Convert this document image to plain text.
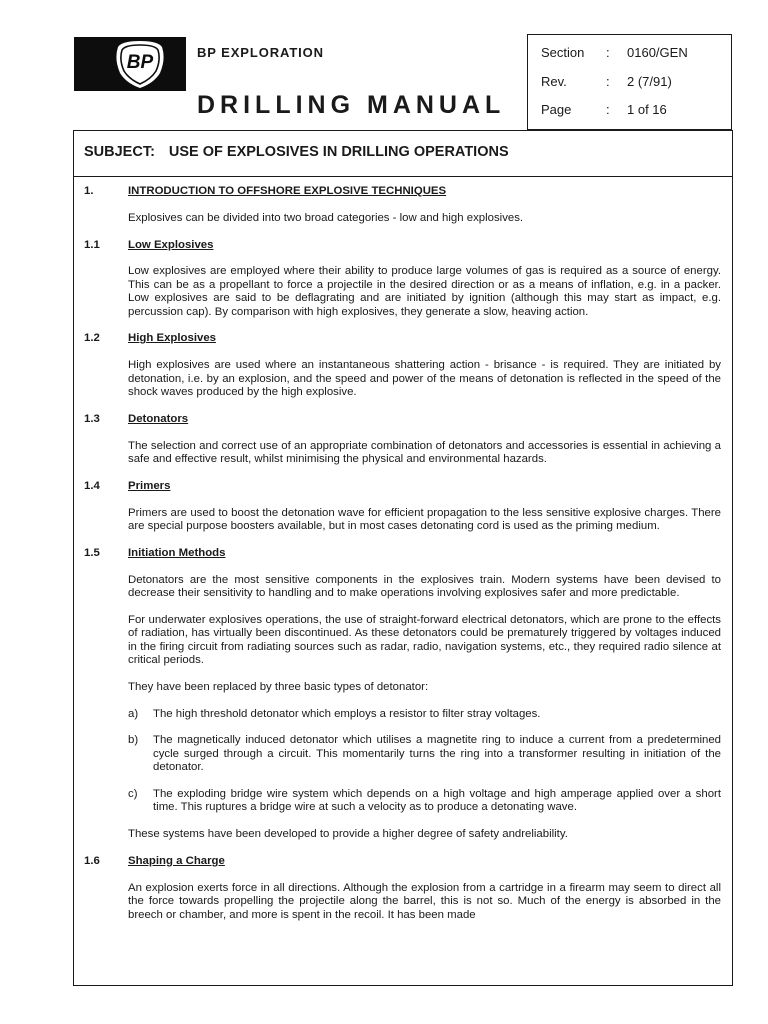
BP	BP EXPLORATION
DRILLING MANUAL
Section : 0160/GEN
Rev.	: 2 (7/91)
Page	: 1 of 16
SUBJECT: USE OF EXPLOSIVES IN DRILLING OPERATIONS
1.	INTRODUCTION TO OFFSHORE EXPLOSIVE TECHNIQUES
Explosives can be divided into two broad categories - low and high explosives.
1.1 Low Explosives
Low explosives are employed where their ability to produce large volumes of gas is required as a source of energy. This can be as a propellant to force a projectile in the desired direction or as a means of inflation, e.g. in a packer. Low explosives are said to be deflagrating and are initiated by ignition (although this may start as impact, e.g. percussion cap). By comparison with high explosives, they generate a slow, heaving action.
1.2 High Explosives
High explosives are used where an instantaneous shattering action - brisance - is required. They are initiated by detonation, i.e. by an explosion, and the speed and power of the means of detonation is reflected in the speed of the shock waves produced by the high explosive.
1.3 Detonators
The selection and correct use of an appropriate combination of detonators and accessories is essential in achieving a safe and effective result, whilst minimising the physical and environmental hazards.
1.4 Primers
Primers are used to boost the detonation wave for efficient propagation to the less sensitive explosive charges. There are special purpose boosters available, but in most cases detonating cord is used as the priming medium.
1.5 Initiation Methods
Detonators are the most sensitive components in the explosives train. Modern systems have been devised to decrease their sensitivity to handling and to make operations involving explosives safer and more predictable.
For underwater explosives operations, the use of straight-forward electrical detonators, which are prone to the effects of radiation, has virtually been discontinued. As these detonators could be prematurely triggered by voltages induced in the firing circuit from radiating sources such as radar, radio, navigation systems, etc., they required radio silence at critical periods.
They have been replaced by three basic types of detonator:
a) The high threshold detonator which employs a resistor to filter stray voltages.
b) The magnetically induced detonator which utilises a magnetite ring to induce a current from a predetermined cycle surged through a circuit. This momentarily turns the ring into a transformer resulting in initiation of the detonator.
c) The exploding bridge wire system which depends on a high voltage and high amperage applied over a short time. This ruptures a bridge wire at such a velocity as to produce a detonating wave.
These systems have been developed to provide a higher degree of safety andreliability.
1.6 Shaping a Charge
An explosion exerts force in all directions. Although the explosion from a cartridge in a firearm may seem to direct all the force towards propelling the projectile along the barrel, this is not so. Much of the energy is absorbed in the breech or chamber, and more is spent in the recoil. It has been made
